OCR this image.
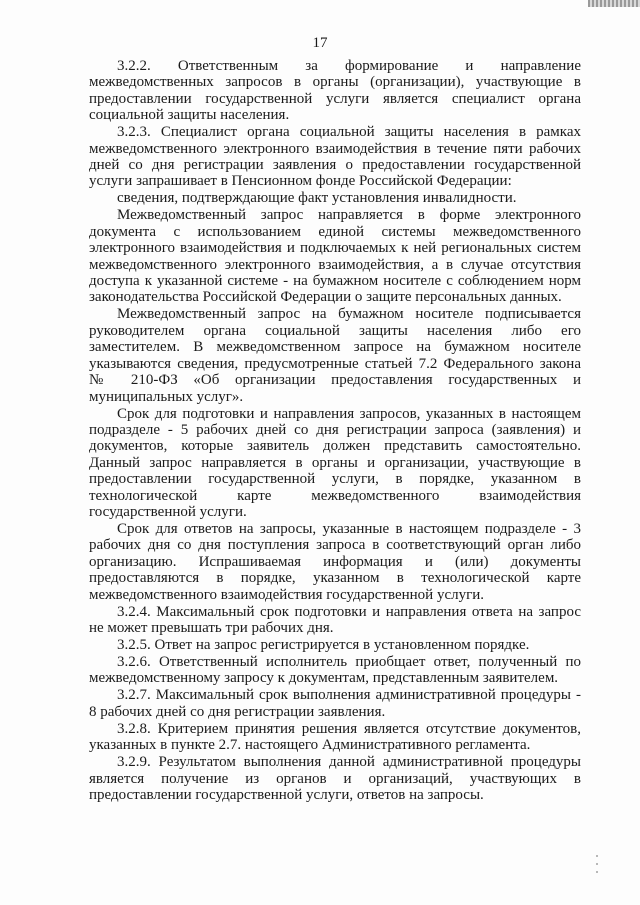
17

3.2.2. Ответственным за формирование и направление межведомственных запросов в органы (организации), участвующие в предоставлении государственной услуги является специалист органа социальной защиты населения.

3.2.3. Специалист органа социальной защиты населения в рамках межведомственного электронного взаимодействия в течение пяти рабочих дней со дня регистрации заявления о предоставлении государственной услуги запрашивает в Пенсионном фонде Российской Федерации:

сведения, подтверждающие факт установления инвалидности.

Межведомственный запрос направляется в форме электронного документа с использованием единой системы межведомственного электронного взаимодействия и подключаемых к ней региональных систем межведомственного электронного взаимодействия, а в случае отсутствия доступа к указанной системе - на бумажном носителе с соблюдением норм законодательства Российской Федерации о защите персональных данных.

Межведомственный запрос на бумажном носителе подписывается руководителем органа социальной защиты населения либо его заместителем. В межведомственном запросе на бумажном носителе указываются сведения, предусмотренные статьей 7.2 Федерального закона № 210-ФЗ «Об организации предоставления государственных и муниципальных услуг».

Срок для подготовки и направления запросов, указанных в настоящем подразделе - 5 рабочих дней со дня регистрации запроса (заявления) и документов, которые заявитель должен представить самостоятельно. Данный запрос направляется в органы и организации, участвующие в предоставлении государственной услуги, в порядке, указанном в технологической карте межведомственного взаимодействия государственной услуги.

Срок для ответов на запросы, указанные в настоящем подразделе - 3 рабочих дня со дня поступления запроса в соответствующий орган либо организацию. Испрашиваемая информация и (или) документы предоставляются в порядке, указанном в технологической карте межведомственного взаимодействия государственной услуги.

3.2.4. Максимальный срок подготовки и направления ответа на запрос не может превышать три рабочих дня.

3.2.5. Ответ на запрос регистрируется в установленном порядке.

3.2.6. Ответственный исполнитель приобщает ответ, полученный по межведомственному запросу к документам, представленным заявителем.

3.2.7. Максимальный срок выполнения административной процедуры - 8 рабочих дней со дня регистрации заявления.

3.2.8. Критерием принятия решения является отсутствие документов, указанных в пункте 2.7. настоящего Административного регламента.

3.2.9. Результатом выполнения данной административной процедуры является получение из органов и организаций, участвующих в предоставлении государственной услуги, ответов на запросы.
